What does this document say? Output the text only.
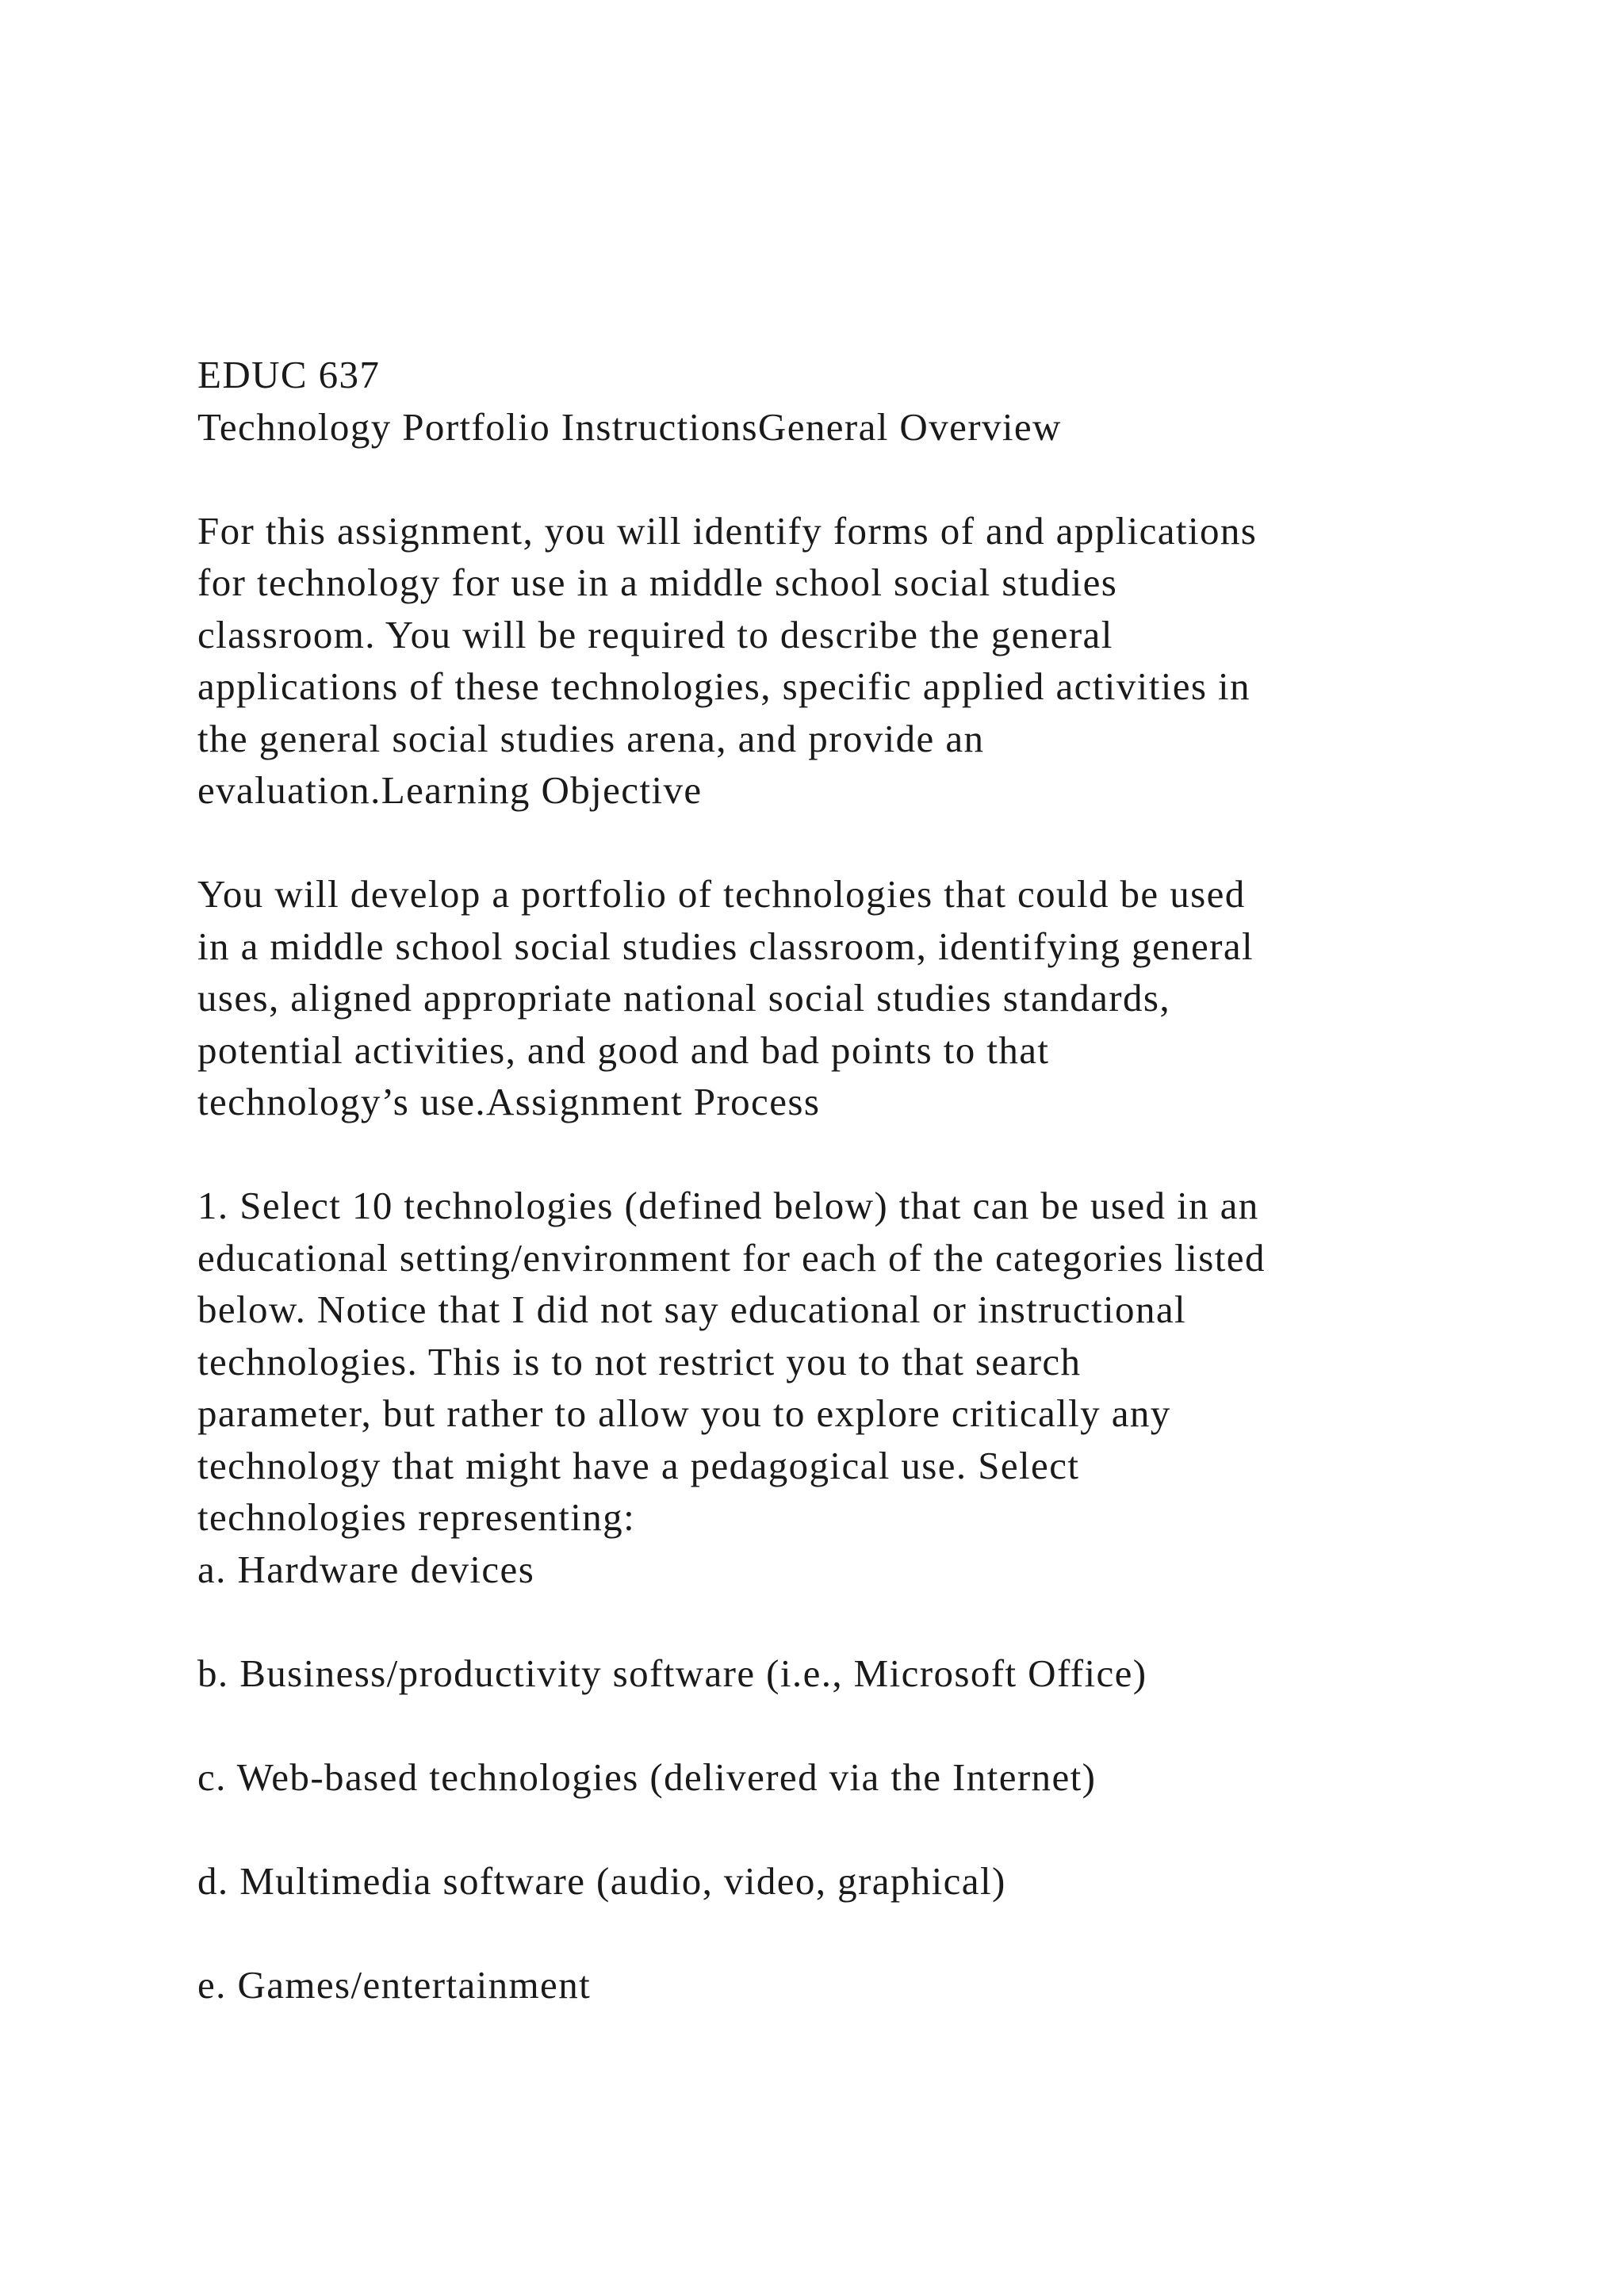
EDUC 637
Technology Portfolio InstructionsGeneral Overview
For this assignment, you will identify forms of and applications
for technology for use in a middle school social studies
classroom. You will be required to describe the general
applications of these technologies, specific applied activities in
the general social studies arena, and provide an
evaluation.Learning Objective
You will develop a portfolio of technologies that could be used
in a middle school social studies classroom, identifying general
uses, aligned appropriate national social studies standards,
potential activities, and good and bad points to that
technology’s use.Assignment Process
1. Select 10 technologies (defined below) that can be used in an
educational setting/environment for each of the categories listed
below. Notice that I did not say educational or instructional
technologies. This is to not restrict you to that search
parameter, but rather to allow you to explore critically any
technology that might have a pedagogical use. Select
technologies representing:
a. Hardware devices
b. Business/productivity software (i.e., Microsoft Office)
c. Web-based technologies (delivered via the Internet)
d. Multimedia software (audio, video, graphical)
e. Games/entertainment
